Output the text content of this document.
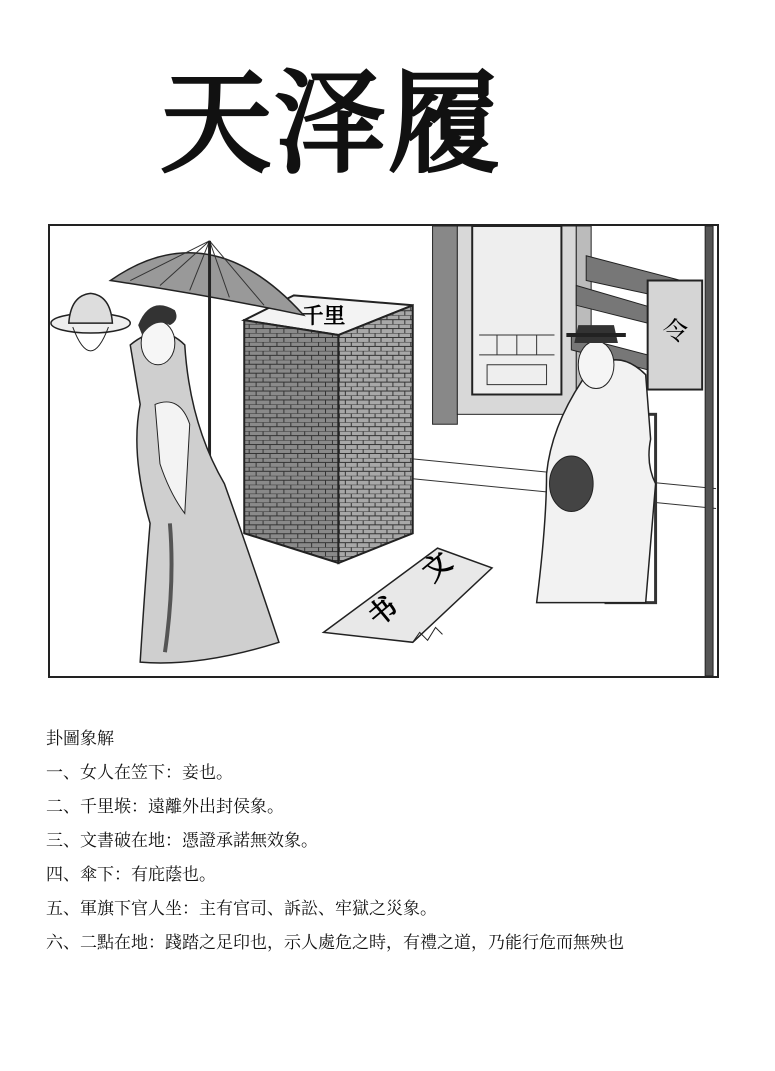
天泽履
令
千里
文
书
卦圖象解
一、女人在笠下：妾也。
二、千里堠：遠離外出封侯象。
三、文書破在地：憑證承諾無效象。
四、傘下：有庇蔭也。
五、軍旗下官人坐：主有官司、訴訟、牢獄之災象。
六、二點在地：踐踏之足印也，示人處危之時，有禮之道，乃能行危而無殃也
